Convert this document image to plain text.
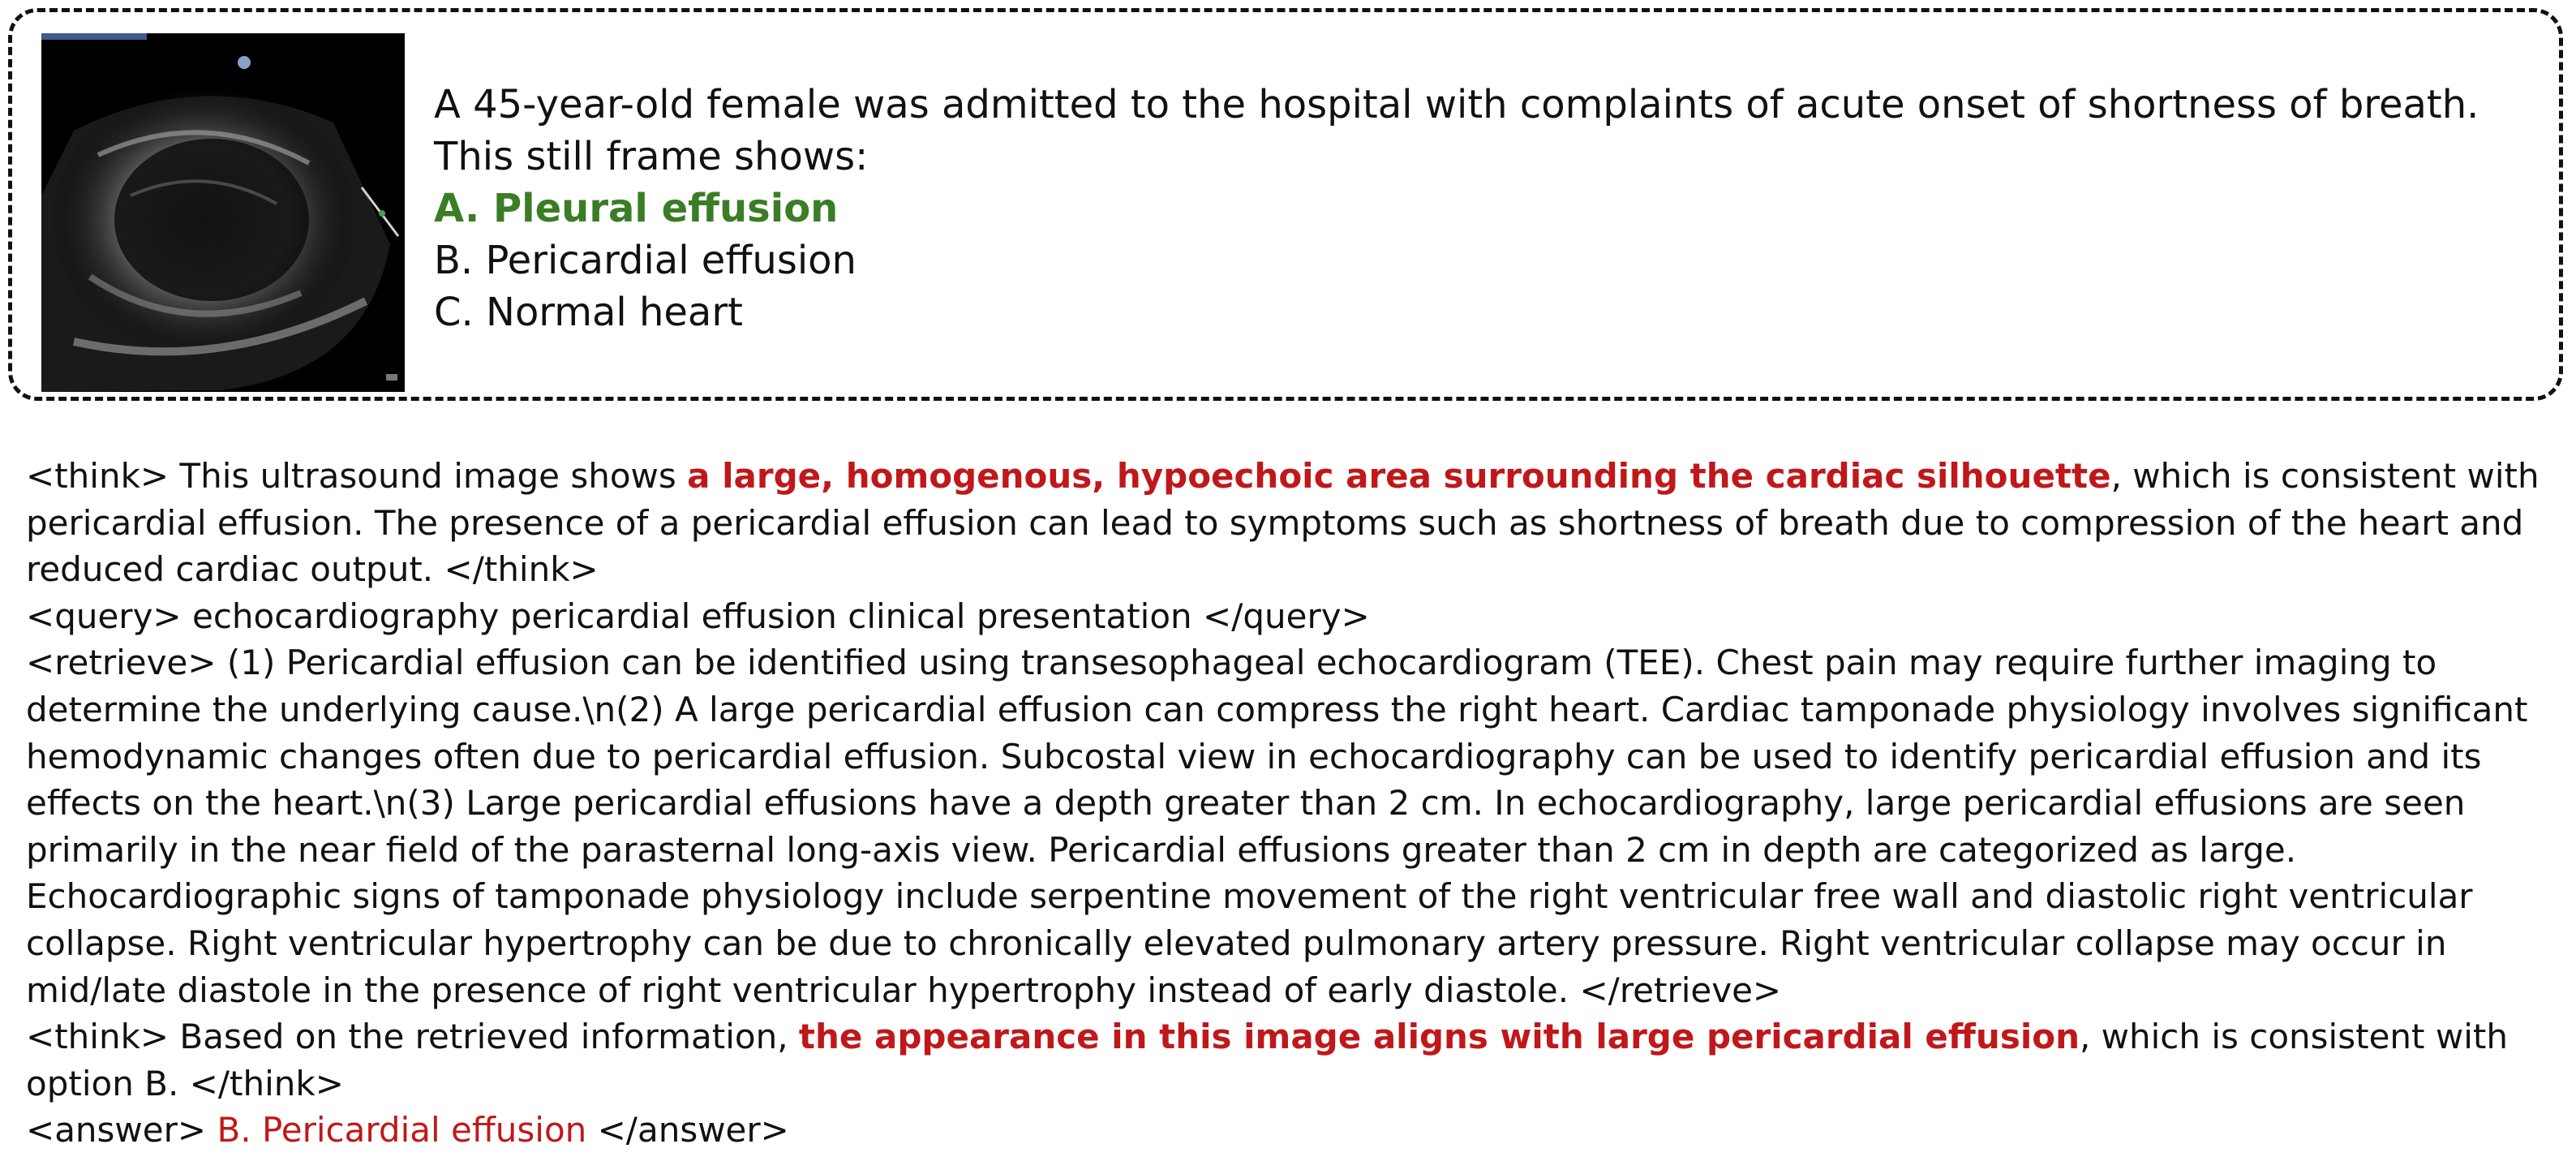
A 45-year-old female was admitted to the hospital with complaints of acute onset of shortness of breath.
This still frame shows:
A. Pleural effusion
B. Pericardial effusion
C. Normal heart

<think> This ultrasound image shows a large, homogenous, hypoechoic area surrounding the cardiac silhouette, which is consistent with pericardial effusion. The presence of a pericardial effusion can lead to symptoms such as shortness of breath due to compression of the heart and reduced cardiac output. </think>

<query> echocardiography pericardial effusion clinical presentation </query>

<retrieve> (1) Pericardial effusion can be identified using transesophageal echocardiogram (TEE). Chest pain may require further imaging to determine the underlying cause.\n(2) A large pericardial effusion can compress the right heart. Cardiac tamponade physiology involves significant hemodynamic changes often due to pericardial effusion. Subcostal view in echocardiography can be used to identify pericardial effusion and its effects on the heart.\n(3) Large pericardial effusions have a depth greater than 2 cm. In echocardiography, large pericardial effusions are seen primarily in the near field of the parasternal long-axis view. Pericardial effusions greater than 2 cm in depth are categorized as large. Echocardiographic signs of tamponade physiology include serpentine movement of the right ventricular free wall and diastolic right ventricular collapse. Right ventricular hypertrophy can be due to chronically elevated pulmonary artery pressure. Right ventricular collapse may occur in mid/late diastole in the presence of right ventricular hypertrophy instead of early diastole. </retrieve>

<think> Based on the retrieved information, the appearance in this image aligns with large pericardial effusion, which is consistent with option B. </think>

<answer> B. Pericardial effusion </answer>
